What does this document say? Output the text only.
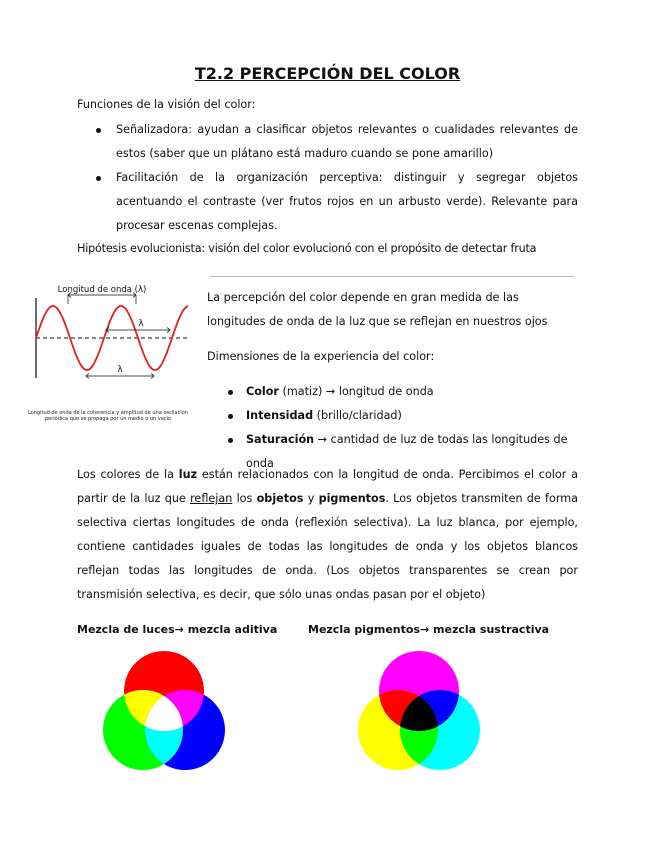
T2.2 PERCEPCIÓN DEL COLOR
Funciones de la visión del color:
Señalizadora: ayudan a clasificar objetos relevantes o cualidades relevantes de estos (saber que un plátano está maduro cuando se pone amarillo)
Facilitación de la organización perceptiva: distinguir y segregar objetos acentuando el contraste (ver frutos rojos en un arbusto verde). Relevante para procesar escenas complejas.
Hipótesis evolucionista: visión del color evolucionó con el propósito de detectar fruta
Longitud de onda (λ)
λ
λ
Longitud de onda de la coherencia y amplitud de una oscilación periódica que se propaga por un medio o un vacío
La percepción del color depende en gran medida de las longitudes de onda de la luz que se reflejan en nuestros ojos
Dimensiones de la experiencia del color:
Color (matiz) → longitud de onda
Intensidad (brillo/claridad)
Saturación → cantidad de luz de todas las longitudes de onda
Los colores de la luz están relacionados con la longitud de onda. Percibimos el color a partir de la luz que reflejan los objetos y pigmentos. Los objetos transmiten de forma selectiva ciertas longitudes de onda (reflexión selectiva). La luz blanca, por ejemplo, contiene cantidades iguales de todas las longitudes de onda y los objetos blancos reflejan todas las longitudes de onda. (Los objetos transparentes se crean por transmisión selectiva, es decir, que sólo unas ondas pasan por el objeto)
Mezcla de luces→ mezcla aditiva	Mezcla pigmentos→ mezcla sustractiva
